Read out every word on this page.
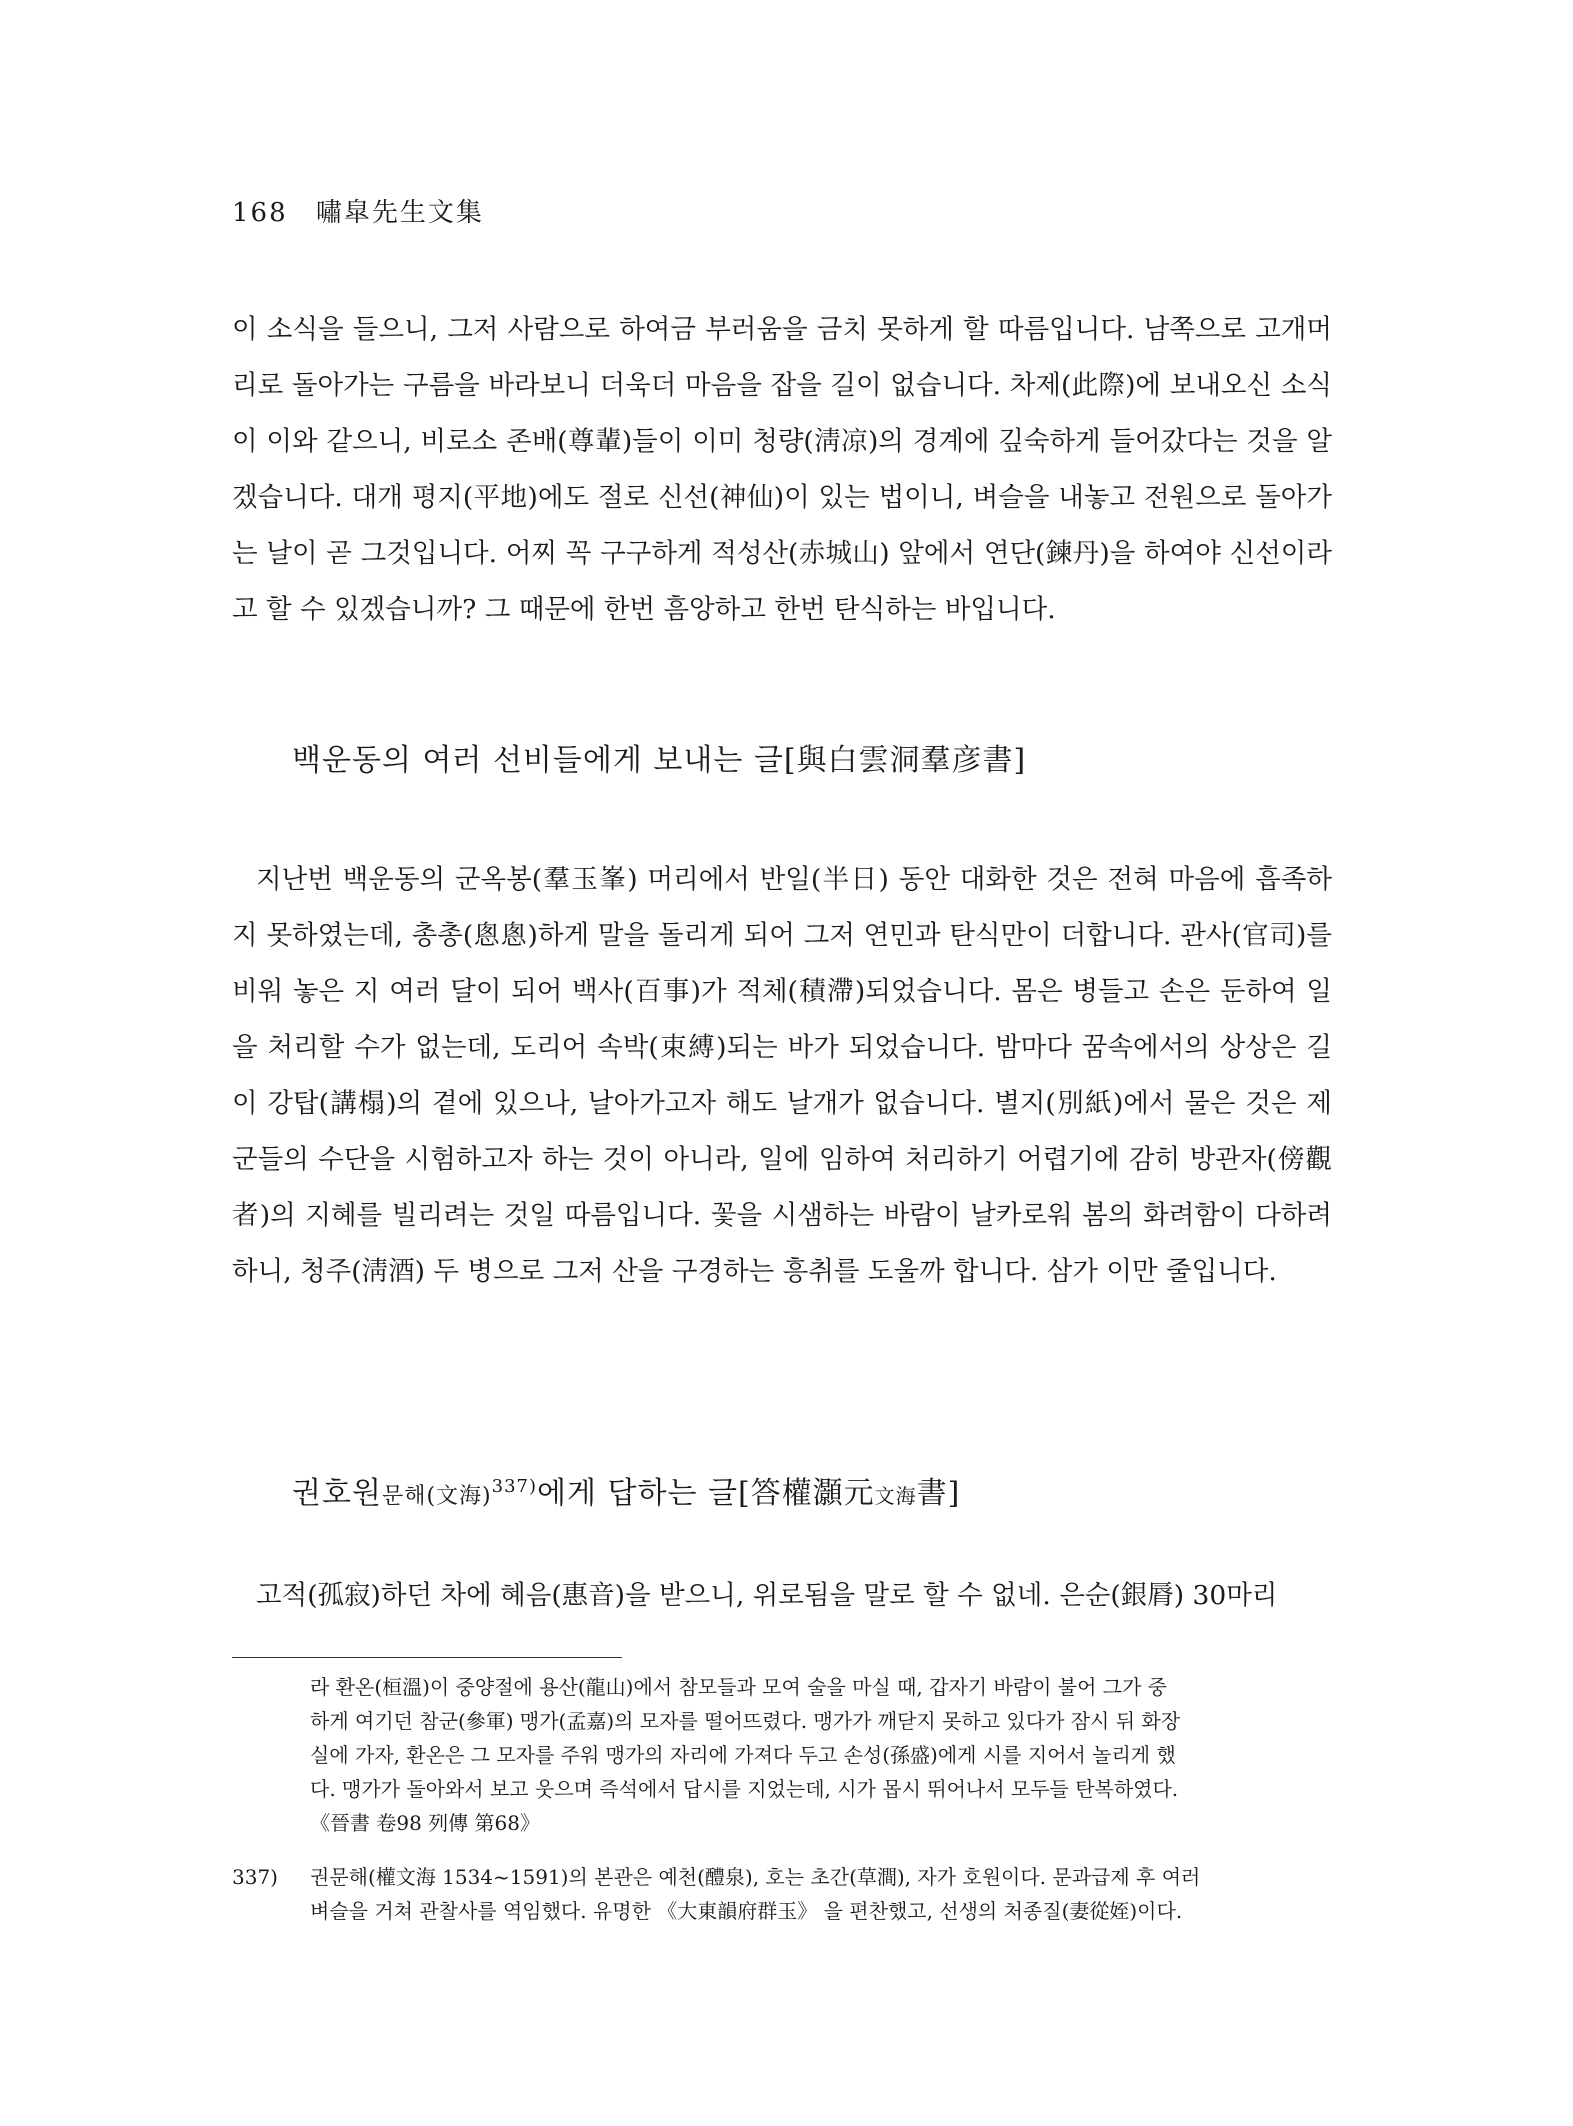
168 嘯皐先生文集

이 소식을 들으니, 그저 사람으로 하여금 부러움을 금치 못하게 할 따름입니다. 남쪽으로 고개머리로 돌아가는 구름을 바라보니 더욱더 마음을 잡을 길이 없습니다. 차제(此際)에 보내오신 소식이 이와 같으니, 비로소 존배(尊輩)들이 이미 청량(淸凉)의 경계에 깊숙하게 들어갔다는 것을 알겠습니다. 대개 평지(平地)에도 절로 신선(神仙)이 있는 법이니, 벼슬을 내놓고 전원으로 돌아가는 날이 곧 그것입니다. 어찌 꼭 구구하게 적성산(赤城山) 앞에서 연단(鍊丹)을 하여야 신선이라고 할 수 있겠습니까? 그 때문에 한번 흠앙하고 한번 탄식하는 바입니다.

백운동의 여러 선비들에게 보내는 글[與白雲洞羣彦書]

지난번 백운동의 군옥봉(羣玉峯) 머리에서 반일(半日) 동안 대화한 것은 전혀 마음에 흡족하지 못하였는데, 총총(悤悤)하게 말을 돌리게 되어 그저 연민과 탄식만이 더합니다. 관사(官司)를 비워 놓은 지 여러 달이 되어 백사(百事)가 적체(積滯)되었습니다. 몸은 병들고 손은 둔하여 일을 처리할 수가 없는데, 도리어 속박(束縛)되는 바가 되었습니다. 밤마다 꿈속에서의 상상은 길이 강탑(講榻)의 곁에 있으나, 날아가고자 해도 날개가 없습니다. 별지(別紙)에서 물은 것은 제군들의 수단을 시험하고자 하는 것이 아니라, 일에 임하여 처리하기 어렵기에 감히 방관자(傍觀者)의 지혜를 빌리려는 것일 따름입니다. 꽃을 시샘하는 바람이 날카로워 봄의 화려함이 다하려 하니, 청주(淸酒) 두 병으로 그저 산을 구경하는 흥취를 도울까 합니다. 삼가 이만 줄입니다.

권호원문해(文海)$^{337)}$에게 답하는 글[答權灝元文海書]

고적(孤寂)하던 차에 혜음(惠音)을 받으니, 위로됨을 말로 할 수 없네. 은순(銀脣) 30마리

라 환온(桓溫)이 중양절에 용산(龍山)에서 참모들과 모여 술을 마실 때, 갑자기 바람이 불어 그가 중
하게 여기던 참군(參軍) 맹가(孟嘉)의 모자를 떨어뜨렸다. 맹가가 깨닫지 못하고 있다가 잠시 뒤 화장
실에 가자, 환온은 그 모자를 주워 맹가의 자리에 가져다 두고 손성(孫盛)에게 시를 지어서 놀리게 했
다. 맹가가 돌아와서 보고 웃으며 즉석에서 답시를 지었는데, 시가 몹시 뛰어나서 모두들 탄복하였다.
《晉書 卷98 列傳 第68》
337) 권문해(權文海 1534~1591)의 본관은 예천(醴泉), 호는 초간(草澗), 자가 호원이다. 문과급제 후 여러
벼슬을 거쳐 관찰사를 역임했다. 유명한 《大東韻府群玉》 을 편찬했고, 선생의 처종질(妻從姪)이다.
